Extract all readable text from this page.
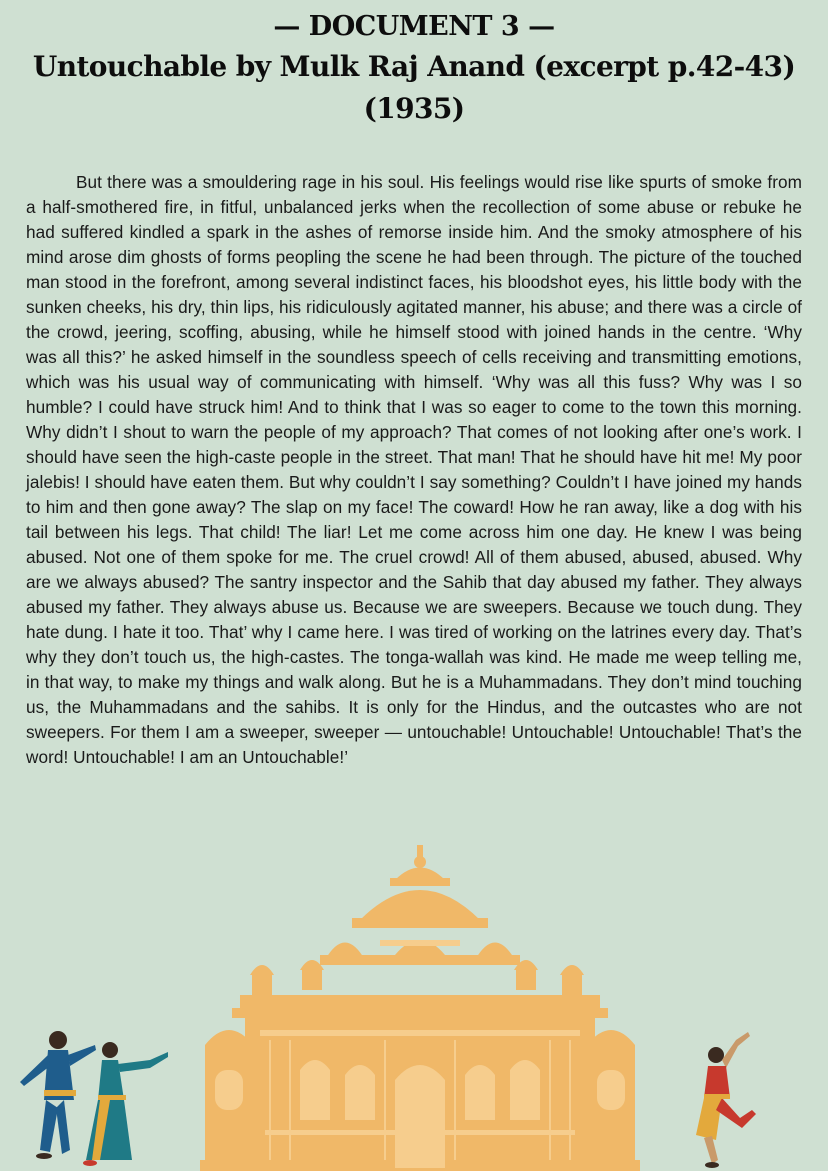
— DOCUMENT 3 —
Untouchable by Mulk Raj Anand (excerpt p.42-43)
(1935)

But there was a smouldering rage in his soul. His feelings would rise like spurts of smoke from a half-smothered fire, in fitful, unbalanced jerks when the recollection of some abuse or rebuke he had suffered kindled a spark in the ashes of remorse inside him. And the smoky atmosphere of his mind arose dim ghosts of forms peopling the scene he had been through. The picture of the touched man stood in the forefront, among several indistinct faces, his bloodshot eyes, his little body with the sunken cheeks, his dry, thin lips, his ridiculously agitated manner, his abuse; and there was a circle of the crowd, jeering, scoffing, abusing, while he himself stood with joined hands in the centre. ‘Why was all this?’ he asked himself in the soundless speech of cells receiving and transmitting emotions, which was his usual way of communicating with himself. ‘Why was all this fuss? Why was I so humble? I could have struck him! And to think that I was so eager to come to the town this morning. Why didn’t I shout to warn the people of my approach? That comes of not looking after one’s work. I should have seen the high-caste people in the street. That man! That he should have hit me! My poor jalebis! I should have eaten them. But why couldn’t I say something? Couldn’t I have joined my hands to him and then gone away? The slap on my face! The coward! How he ran away, like a dog with his tail between his legs. That child! The liar! Let me come across him one day. He knew I was being abused. Not one of them spoke for me. The cruel crowd! All of them abused, abused, abused. Why are we always abused? The santry inspector and the Sahib that day abused my father. They always abused my father. They always abuse us. Because we are sweepers. Because we touch dung. They hate dung. I hate it too. That’ why I came here. I was tired of working on the latrines every day. That’s why they don’t touch us, the high-castes. The tonga-wallah was kind. He made me weep telling me, in that way, to make my things and walk along. But he is a Muhammadans. They don’t mind touching us, the Muhammadans and the sahibs. It is only for the Hindus, and the outcastes who are not sweepers. For them I am a sweeper, sweeper — untouchable! Untouchable! Untouchable! That’s the word! Untouchable! I am an Untouchable!’
